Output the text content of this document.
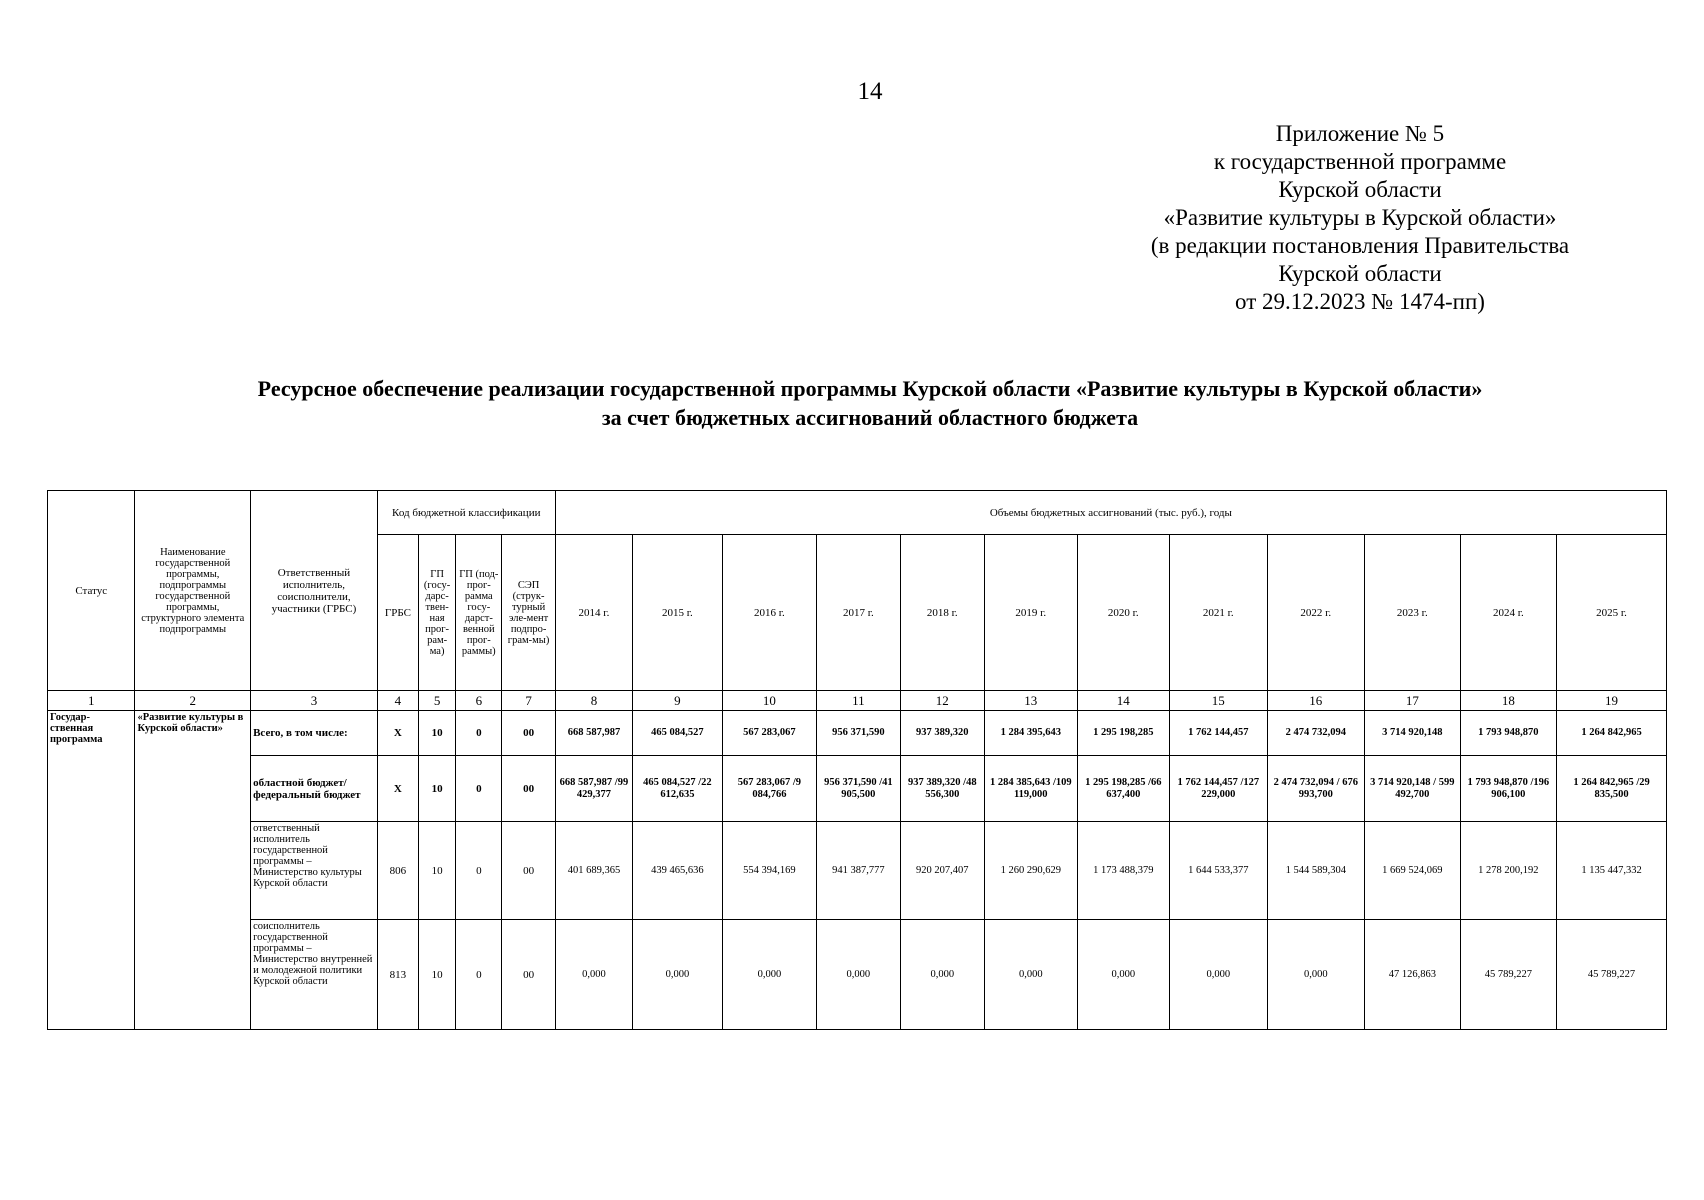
14
Приложение № 5
к государственной программе
Курской области
«Развитие культуры в Курской области»
(в редакции постановления Правительства
Курской области
от 29.12.2023 № 1474-пп)
Ресурсное обеспечение реализации государственной программы Курской области «Развитие культуры в Курской области»
за счет бюджетных ассигнований областного бюджета
Статус	Наименование государственной программы, подпрограммы государственной программы, структурного элемента подпрограммы	Ответственный исполнитель, соисполнители, участники (ГРБС)	Код бюджетной классификации				Объемы бюджетных ассигнований (тыс. руб.), годы											
			ГРБС	ГП (госу-дарс-твен-ная прог-рам-ма)	ГП (под-прог-рамма госу-дарст-венной прог-раммы)	СЭП (струк-турный эле-мент подпро-грам-мы)	2014 г.	2015 г.	2016 г.	2017 г.	2018 г.	2019 г.	2020 г.	2021 г.	2022 г.	2023 г.	2024 г.	2025 г.
1	2	3	4	5	6	7	8	9	10	11	12	13	14	15	16	17	18	19
Государ-ственная программа	«Развитие культуры в Курской области»	Всего, в том числе:	X	10	0	00	668 587,987	465 084,527	567 283,067	956 371,590	937 389,320	1 284 395,643	1 295 198,285	1 762 144,457	2 474 732,094	3 714 920,148	1 793 948,870	1 264 842,965
		областной бюджет/ федеральный бюджет	X	10	0	00	668 587,987 /99 429,377	465 084,527 /22 612,635	567 283,067 /9 084,766	956 371,590 /41 905,500	937 389,320 /48 556,300	1 284 385,643 /109 119,000	1 295 198,285 /66 637,400	1 762 144,457 /127 229,000	2 474 732,094 / 676 993,700	3 714 920,148 / 599 492,700	1 793 948,870 /196 906,100	1 264 842,965 /29 835,500
		ответственный исполнитель государственной программы – Министерство культуры Курской области	806	10	0	00	401 689,365	439 465,636	554 394,169	941 387,777	920 207,407	1 260 290,629	1 173 488,379	1 644 533,377	1 544 589,304	1 669 524,069	1 278 200,192	1 135 447,332
		соисполнитель государственной программы – Министерство внутренней и молодежной политики Курской области	813	10	0	00	0,000	0,000	0,000	0,000	0,000	0,000	0,000	0,000	0,000	47 126,863	45 789,227	45 789,227
